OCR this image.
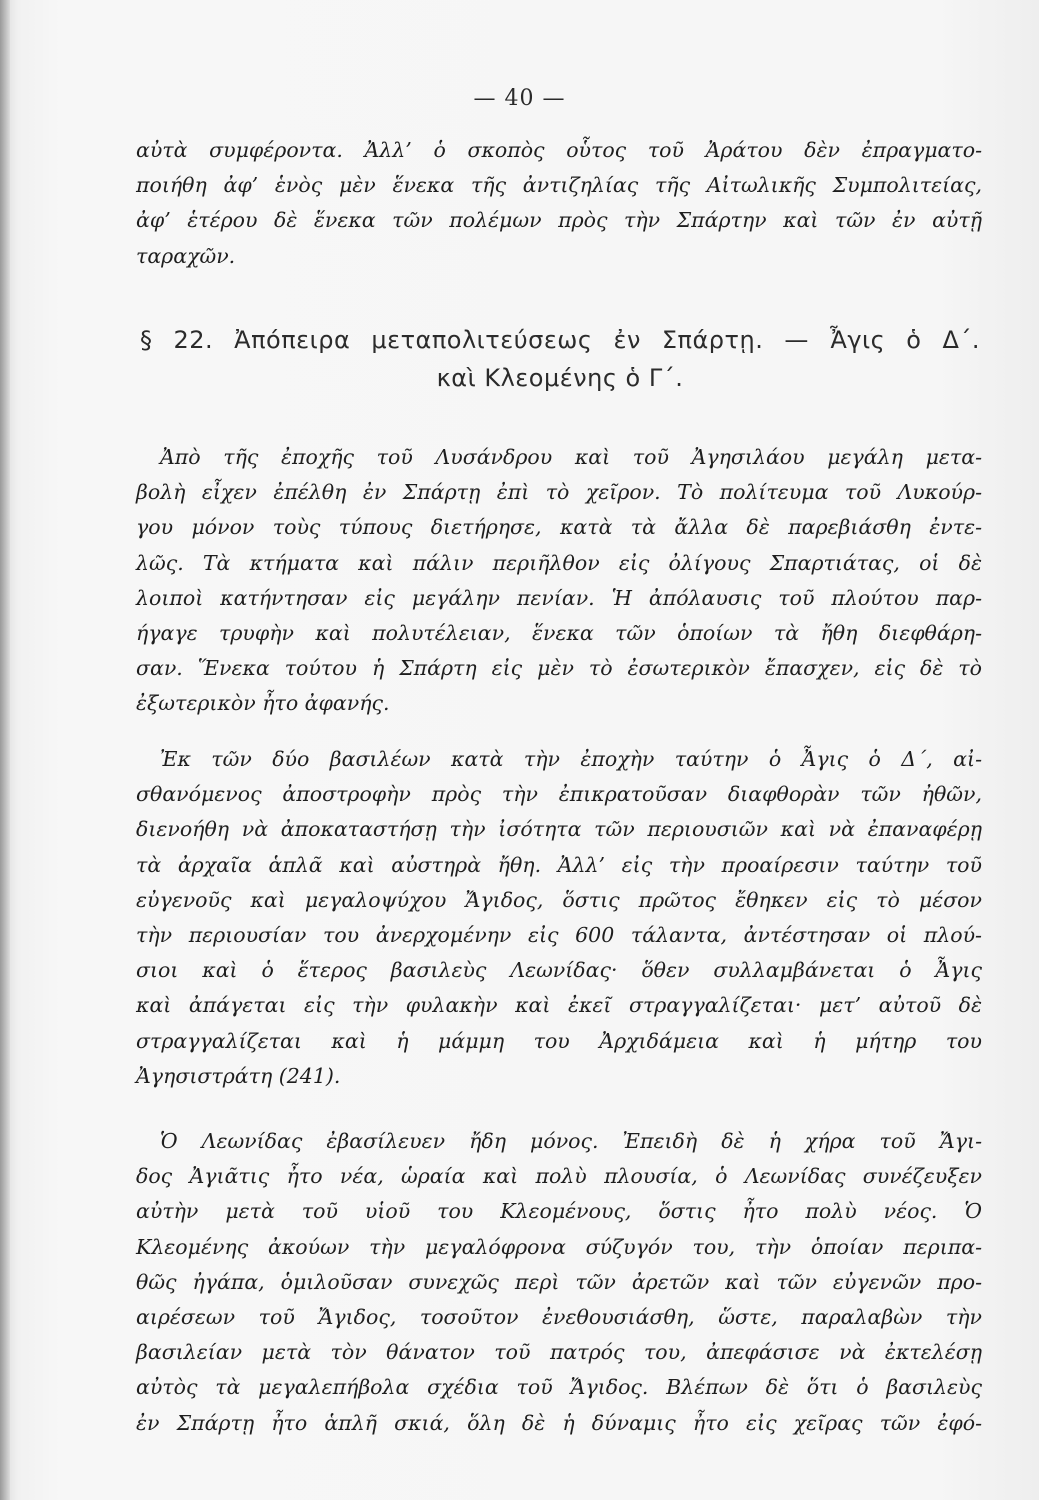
— 40 —
αὐτὰ συμφέροντα. Ἀλλ’ ὁ σκοπὸς οὗτος τοῦ Ἀράτου δὲν ἐπραγματο-
ποιήθη ἀφ’ ἑνὸς μὲν ἕνεκα τῆς ἀντιζηλίας τῆς Αἰτωλικῆς Συμπολιτείας,
ἀφ’ ἑτέρου δὲ ἕνεκα τῶν πολέμων πρὸς τὴν Σπάρτην καὶ τῶν ἐν αὐτῇ
ταραχῶν.
§ 22. Ἀπόπειρα μεταπολιτεύσεως ἐν Σπάρτῃ. — Ἆγις ὁ Δ΄.
καὶ Κλεομένης ὁ Γ΄.
Ἀπὸ τῆς ἐποχῆς τοῦ Λυσάνδρου καὶ τοῦ Ἀγησιλάου μεγάλη μετα-
βολὴ εἶχεν ἐπέλθη ἐν Σπάρτῃ ἐπὶ τὸ χεῖρον. Τὸ πολίτευμα τοῦ Λυκούρ-
γου μόνον τοὺς τύπους διετήρησε, κατὰ τὰ ἄλλα δὲ παρεβιάσθη ἐντε-
λῶς. Τὰ κτήματα καὶ πάλιν περιῆλθον εἰς ὀλίγους Σπαρτιάτας, οἱ δὲ
λοιποὶ κατήντησαν εἰς μεγάλην πενίαν. Ἡ ἀπόλαυσις τοῦ πλούτου παρ-
ήγαγε τρυφὴν καὶ πολυτέλειαν, ἕνεκα τῶν ὁποίων τὰ ἤθη διεφθάρη-
σαν. Ἕνεκα τούτου ἡ Σπάρτη εἰς μὲν τὸ ἐσωτερικὸν ἔπασχεν, εἰς δὲ τὸ
ἐξωτερικὸν ἦτο ἀφανής.
Ἐκ τῶν δύο βασιλέων κατὰ τὴν ἐποχὴν ταύτην ὁ Ἆγις ὁ Δ΄, αἰ-
σθανόμενος ἀποστροφὴν πρὸς τὴν ἐπικρατοῦσαν διαφθορὰν τῶν ἠθῶν,
διενοήθη νὰ ἀποκαταστήσῃ τὴν ἰσότητα τῶν περιουσιῶν καὶ νὰ ἐπαναφέρῃ
τὰ ἀρχαῖα ἁπλᾶ καὶ αὐστηρὰ ἤθη. Ἀλλ’ εἰς τὴν προαίρεσιν ταύτην τοῦ
εὐγενοῦς καὶ μεγαλοψύχου Ἄγιδος, ὅστις πρῶτος ἔθηκεν εἰς τὸ μέσον
τὴν περιουσίαν του ἀνερχομένην εἰς 600 τάλαντα, ἀντέστησαν οἱ πλού-
σιοι καὶ ὁ ἕτερος βασιλεὺς Λεωνίδας· ὅθεν συλλαμβάνεται ὁ Ἆγις
καὶ ἀπάγεται εἰς τὴν φυλακὴν καὶ ἐκεῖ στραγγαλίζεται· μετ’ αὐτοῦ δὲ
στραγγαλίζεται καὶ ἡ μάμμη του Ἀρχιδάμεια καὶ ἡ μήτηρ του
Ἀγησιστράτη (241).
Ὁ Λεωνίδας ἐβασίλευεν ἤδη μόνος. Ἐπειδὴ δὲ ἡ χήρα τοῦ Ἄγι-
δος Ἀγιᾶτις ἦτο νέα, ὡραία καὶ πολὺ πλουσία, ὁ Λεωνίδας συνέζευξεν
αὐτὴν μετὰ τοῦ υἱοῦ του Κλεομένους, ὅστις ἦτο πολὺ νέος. Ὁ
Κλεομένης ἀκούων τὴν μεγαλόφρονα σύζυγόν του, τὴν ὁποίαν περιπα-
θῶς ἠγάπα, ὁμιλοῦσαν συνεχῶς περὶ τῶν ἀρετῶν καὶ τῶν εὐγενῶν προ-
αιρέσεων τοῦ Ἄγιδος, τοσοῦτον ἐνεθουσιάσθη, ὥστε, παραλαβὼν τὴν
βασιλείαν μετὰ τὸν θάνατον τοῦ πατρός του, ἀπεφάσισε νὰ ἐκτελέσῃ
αὐτὸς τὰ μεγαλεπήβολα σχέδια τοῦ Ἄγιδος. Βλέπων δὲ ὅτι ὁ βασιλεὺς
ἐν Σπάρτῃ ἦτο ἁπλῆ σκιά, ὅλη δὲ ἡ δύναμις ἦτο εἰς χεῖρας τῶν ἐφό-
